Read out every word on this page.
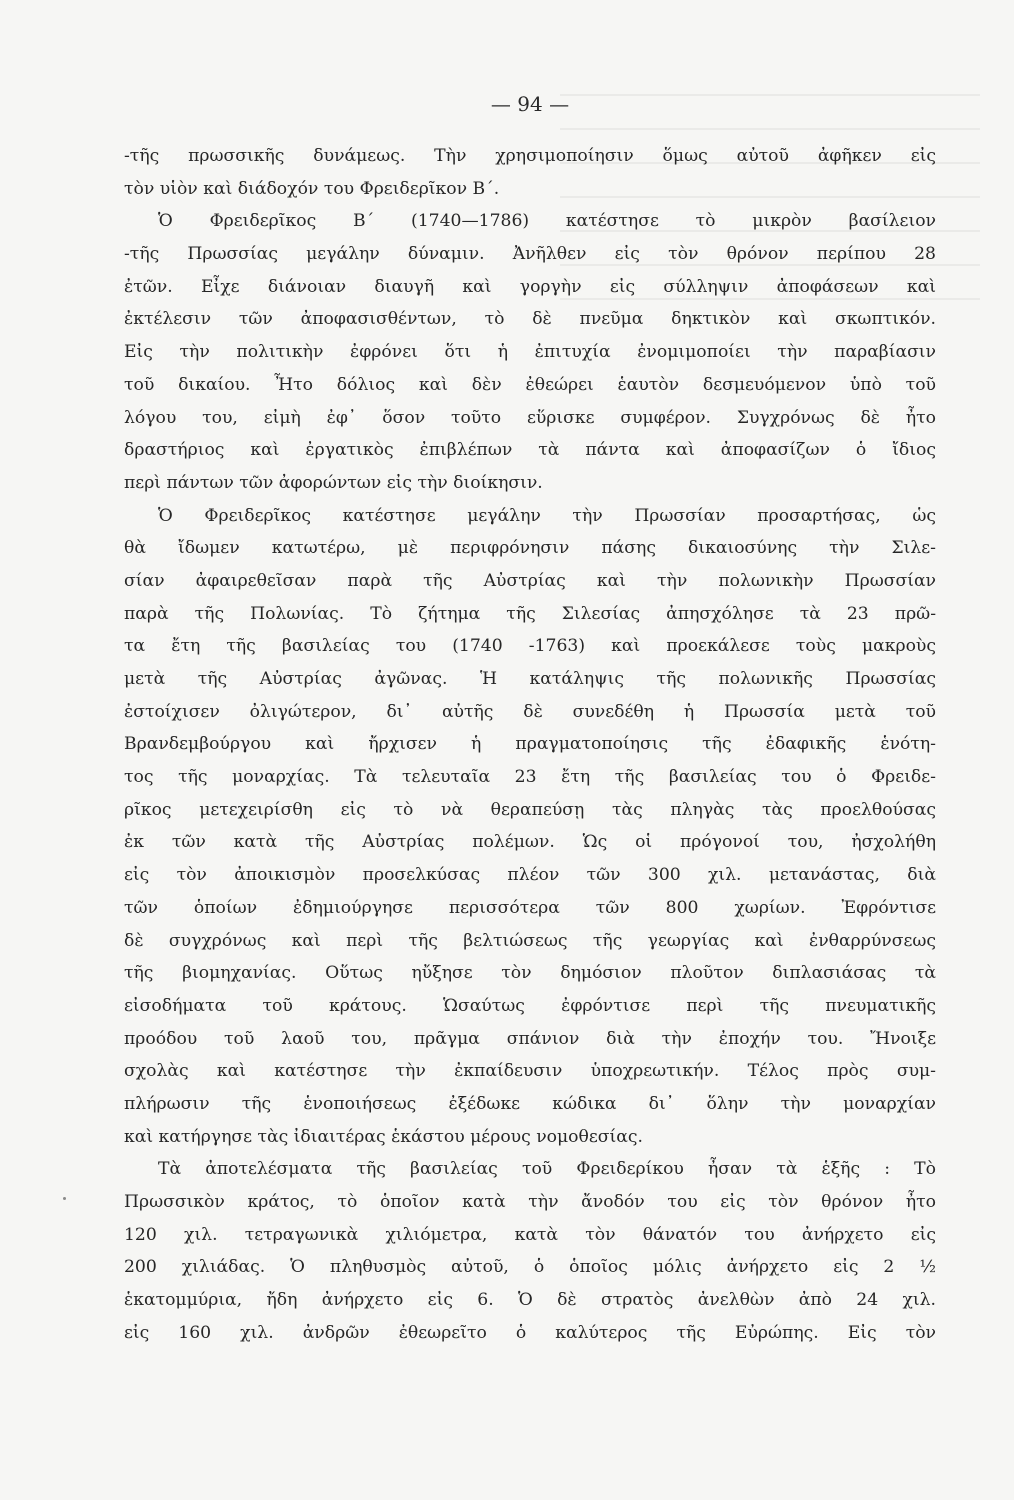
— 94 —
-τῆς πρωσσικῆς δυνάμεως. Τὴν χρησιμοποίησιν ὅμως αὐτοῦ ἀφῆκεν εἰς
τὸν υἱὸν καὶ διάδοχόν του Φρειδερῖκον Β΄.
Ὁ Φρειδερῖκος Β΄ (1740—1786) κατέστησε τὸ μικρὸν βασίλειον
-τῆς Πρωσσίας μεγάλην δύναμιν. Ἀνῆλθεν εἰς τὸν θρόνον περίπου 28
ἐτῶν. Εἶχε διάνοιαν διαυγῆ καὶ γοργὴν εἰς σύλληψιν ἀποφάσεων καὶ
ἐκτέλεσιν τῶν ἀποφασισθέντων, τὸ δὲ πνεῦμα δηκτικὸν καὶ σκωπτικόν.
Εἰς τὴν πολιτικὴν ἐφρόνει ὅτι ἡ ἐπιτυχία ἐνομιμοποίει τὴν παραβίασιν
τοῦ δικαίου. Ἦτο δόλιος καὶ δὲν ἐθεώρει ἑαυτὸν δεσμευόμενον ὑπὸ τοῦ
λόγου του, εἰμὴ ἐφ᾽ ὅσον τοῦτο εὕρισκε συμφέρον. Συγχρόνως δὲ ἦτο
δραστήριος καὶ ἐργατικὸς ἐπιβλέπων τὰ πάντα καὶ ἀποφασίζων ὁ ἴδιος
περὶ πάντων τῶν ἀφορώντων εἰς τὴν διοίκησιν.
Ὁ Φρειδερῖκος κατέστησε μεγάλην τὴν Πρωσσίαν προσαρτήσας, ὡς
θὰ ἴδωμεν κατωτέρω, μὲ περιφρόνησιν πάσης δικαιοσύνης τὴν Σιλε-
σίαν ἀφαιρεθεῖσαν παρὰ τῆς Αὐστρίας καὶ τὴν πολωνικὴν Πρωσσίαν
παρὰ τῆς Πολωνίας. Τὸ ζήτημα τῆς Σιλεσίας ἀπησχόλησε τὰ 23 πρῶ-
τα ἔτη τῆς βασιλείας του (1740 -1763) καὶ προεκάλεσε τοὺς μακροὺς
μετὰ τῆς Αὐστρίας ἀγῶνας. Ἡ κατάληψις τῆς πολωνικῆς Πρωσσίας
ἐστοίχισεν ὀλιγώτερον, δι᾽ αὐτῆς δὲ συνεδέθη ἡ Πρωσσία μετὰ τοῦ
Βρανδεμβούργου καὶ ἤρχισεν ἡ πραγματοποίησις τῆς ἐδαφικῆς ἑνότη-
τος τῆς μοναρχίας. Τὰ τελευταῖα 23 ἔτη τῆς βασιλείας του ὁ Φρειδε-
ρῖκος μετεχειρίσθη εἰς τὸ νὰ θεραπεύσῃ τὰς πληγὰς τὰς προελθούσας
ἐκ τῶν κατὰ τῆς Αὐστρίας πολέμων. Ὡς οἱ πρόγονοί του, ἠσχολήθη
εἰς τὸν ἀποικισμὸν προσελκύσας πλέον τῶν 300 χιλ. μετανάστας, διὰ
τῶν ὁποίων ἐδημιούργησε περισσότερα τῶν 800 χωρίων. Ἐφρόντισε
δὲ συγχρόνως καὶ περὶ τῆς βελτιώσεως τῆς γεωργίας καὶ ἐνθαρρύνσεως
τῆς βιομηχανίας. Οὕτως ηὔξησε τὸν δημόσιον πλοῦτον διπλασιάσας τὰ
εἰσοδήματα τοῦ κράτους. Ὡσαύτως ἐφρόντισε περὶ τῆς πνευματικῆς
προόδου τοῦ λαοῦ του, πρᾶγμα σπάνιον διὰ τὴν ἐποχήν του. Ἤνοιξε
σχολὰς καὶ κατέστησε τὴν ἐκπαίδευσιν ὑποχρεωτικήν. Τέλος πρὸς συμ-
πλήρωσιν τῆς ἑνοποιήσεως ἐξέδωκε κώδικα δι᾽ ὅλην τὴν μοναρχίαν
καὶ κατήργησε τὰς ἰδιαιτέρας ἑκάστου μέρους νομοθεσίας.
Τὰ ἀποτελέσματα τῆς βασιλείας τοῦ Φρειδερίκου ἦσαν τὰ ἑξῆς : Τὸ
Πρωσσικὸν κράτος, τὸ ὁποῖον κατὰ τὴν ἄνοδόν του εἰς τὸν θρόνον ἦτο
120 χιλ. τετραγωνικὰ χιλιόμετρα, κατὰ τὸν θάνατόν του ἀνήρχετο εἰς
200 χιλιάδας. Ὁ πληθυσμὸς αὐτοῦ, ὁ ὁποῖος μόλις ἀνήρχετο εἰς 2 ½
ἑκατομμύρια, ἤδη ἀνήρχετο εἰς 6. Ὁ δὲ στρατὸς ἀνελθὼν ἀπὸ 24 χιλ.
εἰς 160 χιλ. ἀνδρῶν ἐθεωρεῖτο ὁ καλύτερος τῆς Εὐρώπης. Εἰς τὸν
